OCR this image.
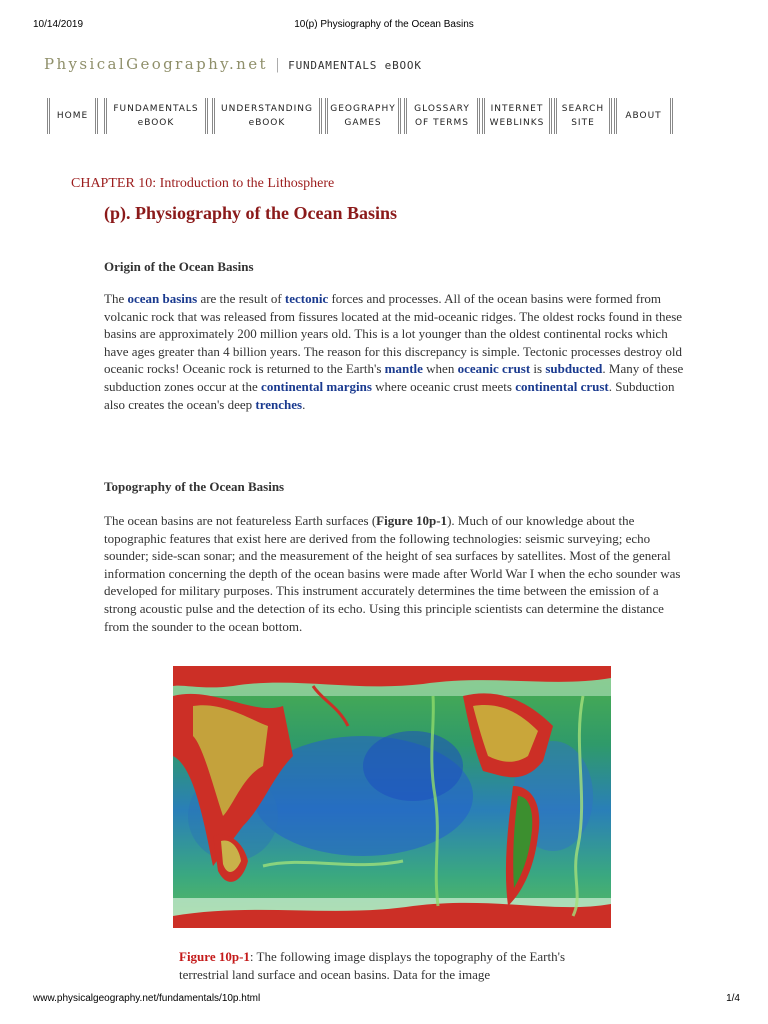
10/14/2019	10(p) Physiography of the Ocean Basins
PhysicalGeography.net | FUNDAMENTALS eBOOK
HOME
FUNDAMENTALS
eBOOK
UNDERSTANDING
eBOOK
GEOGRAPHY
GAMES
GLOSSARY
OF TERMS
INTERNET
WEBLINKS
SEARCH
SITE
ABOUT
CHAPTER 10: Introduction to the Lithosphere
(p). Physiography of the Ocean Basins
Origin of the Ocean Basins

The ocean basins are the result of tectonic forces and processes. All of the ocean basins were formed from volcanic rock that was released from fissures located at the mid-oceanic ridges. The oldest rocks found in these basins are approximately 200 million years old. This is a lot younger than the oldest continental rocks which have ages greater than 4 billion years. The reason for this discrepancy is simple. Tectonic processes destroy old oceanic rocks! Oceanic rock is returned to the Earth's mantle when oceanic crust is subducted. Many of these subduction zones occur at the continental margins where oceanic crust meets continental crust. Subduction also creates the ocean's deep trenches.

Topography of the Ocean Basins

The ocean basins are not featureless Earth surfaces (Figure 10p-1). Much of our knowledge about the topographic features that exist here are derived from the following technologies: seismic surveying; echo sounder; side-scan sonar; and the measurement of the height of sea surfaces by satellites. Most of the general information concerning the depth of the ocean basins were made after World War I when the echo sounder was developed for military purposes. This instrument accurately determines the time between the emission of a strong acoustic pulse and the detection of its echo. Using this principle scientists can determine the distance from the sounder to the ocean bottom.

Figure 10p-1: The following image displays the topography of the Earth's terrestrial land surface and ocean basins. Data for the image

www.physicalgeography.net/fundamentals/10p.html	1/4
